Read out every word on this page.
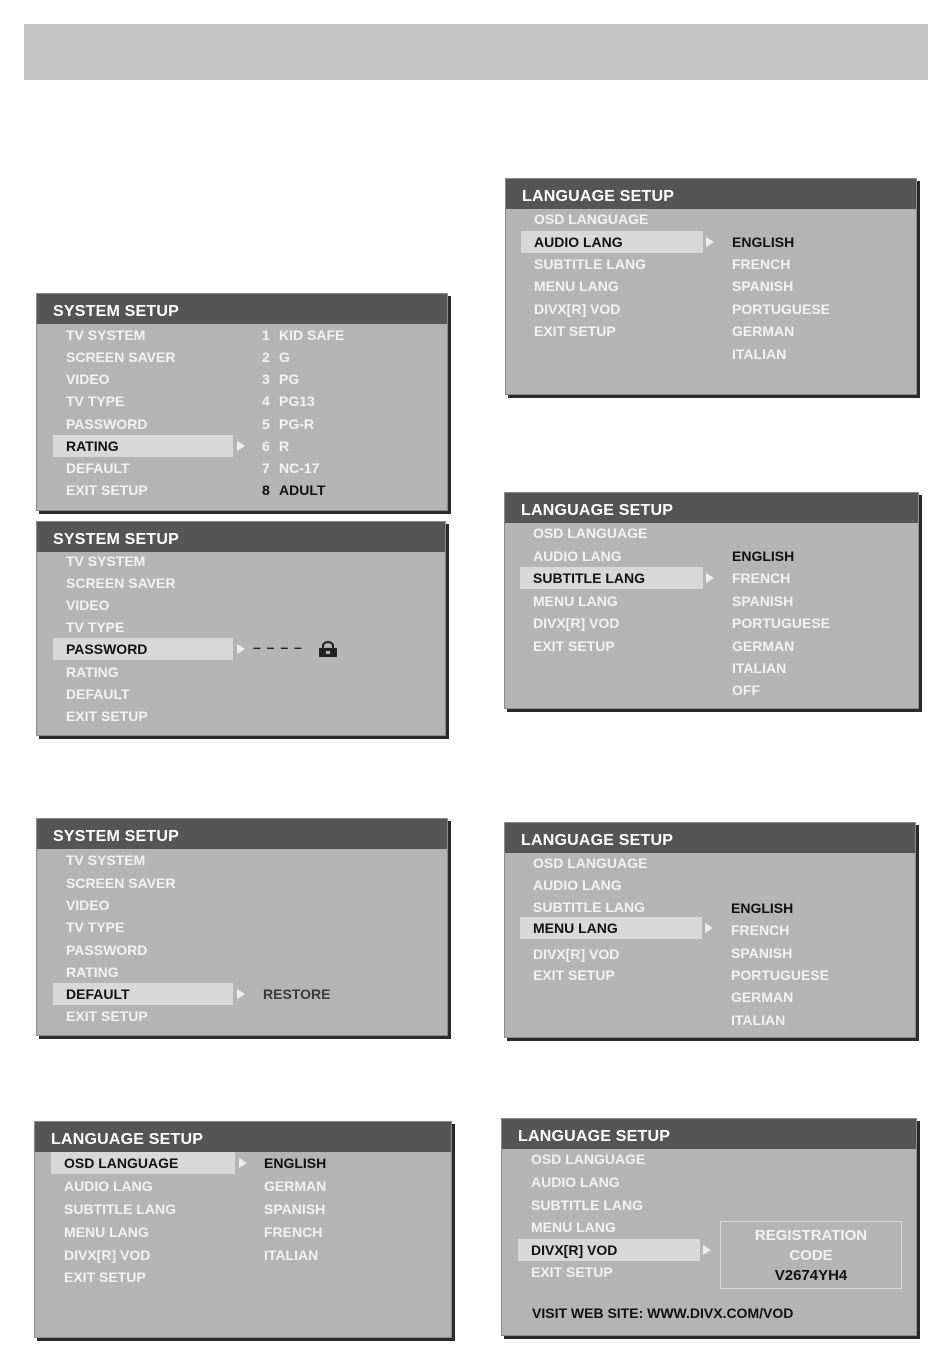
SYSTEM SETUP
TV SYSTEM
SCREEN SAVER
VIDEO
TV TYPE
PASSWORD
RATING
DEFAULT
EXIT SETUP
1 KID SAFE
2 G
3 PG
4 PG13
5 PG-R
6 R
7 NC-17
8 ADULT
SYSTEM SETUP
TV SYSTEM
SCREEN SAVER
VIDEO
TV TYPE
PASSWORD	– – – –
RATING
DEFAULT
EXIT SETUP
SYSTEM SETUP
TV SYSTEM
SCREEN SAVER
VIDEO
TV TYPE
PASSWORD
RATING
DEFAULT	RESTORE
EXIT SETUP
LANGUAGE SETUP
OSD LANGUAGE
AUDIO LANG
SUBTITLE LANG
MENU LANG
DIVX[R] VOD
EXIT SETUP
ENGLISH
GERMAN
SPANISH
FRENCH
ITALIAN
LANGUAGE SETUP
OSD LANGUAGE
AUDIO LANG
SUBTITLE LANG
MENU LANG
DIVX[R] VOD
EXIT SETUP
ENGLISH
FRENCH
SPANISH
PORTUGUESE
GERMAN
ITALIAN
LANGUAGE SETUP
OSD LANGUAGE
AUDIO LANG
SUBTITLE LANG
MENU LANG
DIVX[R] VOD
EXIT SETUP
ENGLISH
FRENCH
SPANISH
PORTUGUESE
GERMAN
ITALIAN
OFF
LANGUAGE SETUP
OSD LANGUAGE
AUDIO LANG
SUBTITLE LANG
MENU LANG
DIVX[R] VOD
EXIT SETUP
ENGLISH
FRENCH
SPANISH
PORTUGUESE
GERMAN
ITALIAN
LANGUAGE SETUP
OSD LANGUAGE
AUDIO LANG
SUBTITLE LANG
MENU LANG
DIVX[R] VOD
EXIT SETUP
REGISTRATION
CODE
V2674YH4
VISIT WEB SITE: WWW.DIVX.COM/VOD
